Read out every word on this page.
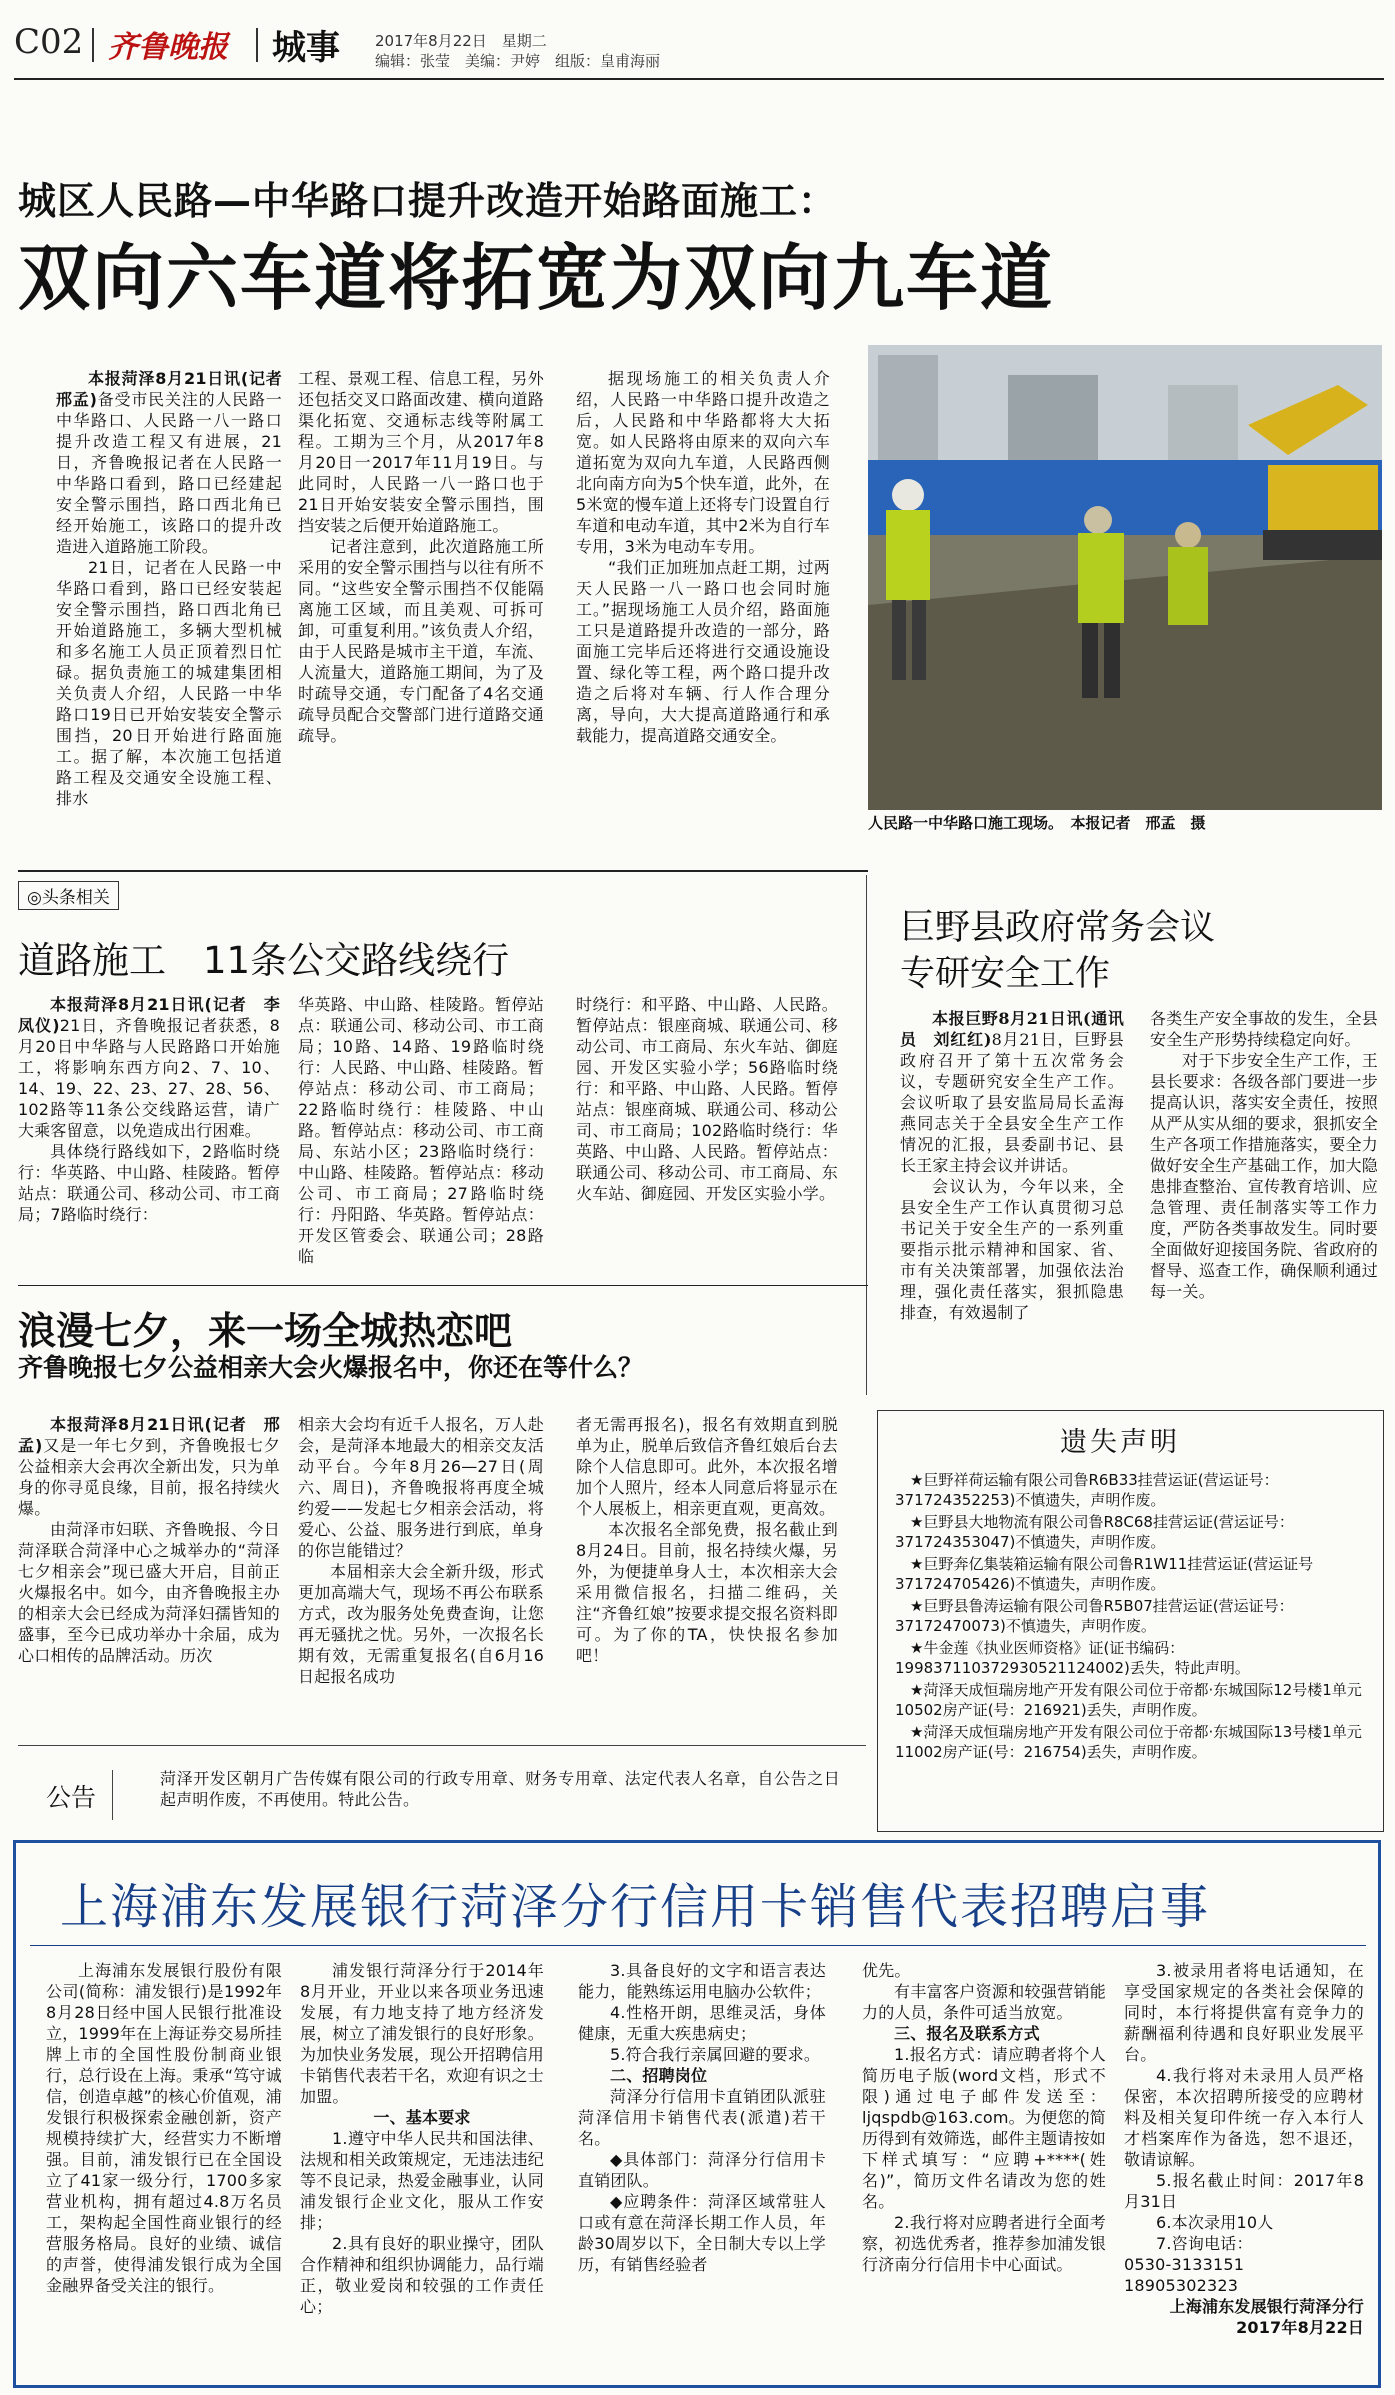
C02 齐鲁晚报 城事 2017年8月22日　星期二
编辑：张莹　美编：尹婷　组版：皇甫海丽
城区人民路—中华路口提升改造开始路面施工：
双向六车道将拓宽为双向九车道

本报菏泽8月21日讯(记者　邢孟)备受市民关注的人民路一中华路口、人民路一八一路口提升改造工程又有进展，21日，齐鲁晚报记者在人民路一中华路口看到，路口已经建起安全警示围挡，路口西北角已经开始施工，该路口的提升改造进入道路施工阶段。

21日，记者在人民路一中华路口看到，路口已经安装起安全警示围挡，路口西北角已开始道路施工，多辆大型机械和多名施工人员正顶着烈日忙碌。据负责施工的城建集团相关负责人介绍，人民路一中华路口19日已开始安装安全警示围挡，20日开始进行路面施工。据了解，本次施工包括道路工程及交通安全设施工程、排水

工程、景观工程、信息工程，另外还包括交叉口路面改建、横向道路渠化拓宽、交通标志线等附属工程。工期为三个月，从2017年8月20日一2017年11月19日。与此同时，人民路一八一路口也于21日开始安装安全警示围挡，围挡安装之后便开始道路施工。

记者注意到，此次道路施工所采用的安全警示围挡与以往有所不同。“这些安全警示围挡不仅能隔离施工区域，而且美观、可拆可卸，可重复利用。”该负责人介绍，由于人民路是城市主干道，车流、人流量大，道路施工期间，为了及时疏导交通，专门配备了4名交通疏导员配合交警部门进行道路交通疏导。

据现场施工的相关负责人介绍，人民路一中华路口提升改造之后，人民路和中华路都将大大拓宽。如人民路将由原来的双向六车道拓宽为双向九车道，人民路西侧北向南方向为5个快车道，此外，在5米宽的慢车道上还将专门设置自行车道和电动车道，其中2米为自行车专用，3米为电动车专用。

“我们正加班加点赶工期，过两天人民路一八一路口也会同时施工。”据现场施工人员介绍，路面施工只是道路提升改造的一部分，路面施工完毕后还将进行交通设施设置、绿化等工程，两个路口提升改造之后将对车辆、行人作合理分离，导向，大大提高道路通行和承载能力，提高道路交通安全。

人民路一中华路口施工现场。　本报记者　邢孟　摄
◎头条相关
道路施工　11条公交路线绕行

本报菏泽8月21日讯(记者　李凤仪)21日，齐鲁晚报记者获悉，8月20日中华路与人民路路口开始施工，将影响东西方向2、7、10、14、19、22、23、27、28、56、102路等11条公交线路运营，请广大乘客留意，以免造成出行困难。

具体绕行路线如下，2路临时绕行：华英路、中山路、桂陵路。暂停站点：联通公司、移动公司、市工商局；7路临时绕行：

华英路、中山路、桂陵路。暂停站点：联通公司、移动公司、市工商局；10路、14路、19路临时绕行：人民路、中山路、桂陵路。暂停站点：移动公司、市工商局；22路临时绕行：桂陵路、中山路。暂停站点：移动公司、市工商局、东站小区；23路临时绕行：中山路、桂陵路。暂停站点：移动公司、市工商局；27路临时绕行：丹阳路、华英路。暂停站点：开发区管委会、联通公司；28路临

时绕行：和平路、中山路、人民路。暂停站点：银座商城、联通公司、移动公司、市工商局、东火车站、御庭园、开发区实验小学；56路临时绕行：和平路、中山路、人民路。暂停站点：银座商城、联通公司、移动公司、市工商局；102路临时绕行：华英路、中山路、人民路。暂停站点：联通公司、移动公司、市工商局、东火车站、御庭园、开发区实验小学。

巨野县政府常务会议
专研安全工作

本报巨野8月21日讯(通讯员　刘红红)8月21日，巨野县政府召开了第十五次常务会议，专题研究安全生产工作。会议听取了县安监局局长孟海燕同志关于全县安全生产工作情况的汇报，县委副书记、县长王家主持会议并讲话。

会议认为，今年以来，全县安全生产工作认真贯彻习总书记关于安全生产的一系列重要指示批示精神和国家、省、市有关决策部署，加强依法治理，强化责任落实，狠抓隐患排查，有效遏制了

各类生产安全事故的发生，全县安全生产形势持续稳定向好。

对于下步安全生产工作，王县长要求：各级各部门要进一步提高认识，落实安全责任，按照从严从实从细的要求，狠抓安全生产各项工作措施落实，要全力做好安全生产基础工作，加大隐患排查整治、宣传教育培训、应急管理、责任制落实等工作力度，严防各类事故发生。同时要全面做好迎接国务院、省政府的督导、巡查工作，确保顺利通过每一关。

浪漫七夕，来一场全城热恋吧
齐鲁晚报七夕公益相亲大会火爆报名中，你还在等什么？

本报菏泽8月21日讯(记者　邢孟)又是一年七夕到，齐鲁晚报七夕公益相亲大会再次全新出发，只为单身的你寻觅良缘，目前，报名持续火爆。

由菏泽市妇联、齐鲁晚报、今日菏泽联合菏泽中心之城举办的“菏泽七夕相亲会”现已盛大开启，目前正火爆报名中。如今，由齐鲁晚报主办的相亲大会已经成为菏泽妇孺皆知的盛事，至今已成功举办十余届，成为心口相传的品牌活动。历次

相亲大会均有近千人报名，万人赴会，是菏泽本地最大的相亲交友活动平台。今年8月26—27日(周六、周日)，齐鲁晚报将再度全城约爱——发起七夕相亲会活动，将爱心、公益、服务进行到底，单身的你岂能错过？

本届相亲大会全新升级，形式更加高端大气，现场不再公布联系方式，改为服务处免费查询，让您再无骚扰之忧。另外，一次报名长期有效，无需重复报名(自6月16日起报名成功

者无需再报名)，报名有效期直到脱单为止，脱单后致信齐鲁红娘后台去除个人信息即可。此外，本次报名增加个人照片，经本人同意后将显示在个人展板上，相亲更直观，更高效。

本次报名全部免费，报名截止到8月24日。目前，报名持续火爆，另外，为便捷单身人士，本次相亲大会采用微信报名，扫描二维码，关注“齐鲁红娘”按要求提交报名资料即可。为了你的TA，快快报名参加吧！

遗失声明
★巨野祥荷运输有限公司鲁R6B33挂营运证(营运证号：371724352253)不慎遗失，声明作废。
★巨野县大地物流有限公司鲁R8C68挂营运证(营运证号：371724353047)不慎遗失，声明作废。
★巨野奔亿集装箱运输有限公司鲁R1W11挂营运证(营运证号371724705426)不慎遗失，声明作废。
★巨野县鲁涛运输有限公司鲁R5B07挂营运证(营运证号：37172470073)不慎遗失，声明作废。
★牛金莲《执业医师资格》证(证书编码：199837110372930521124002)丢失，特此声明。
★菏泽天成恒瑞房地产开发有限公司位于帝都·东城国际12号楼1单元10502房产证(号：216921)丢失，声明作废。
★菏泽天成恒瑞房地产开发有限公司位于帝都·东城国际13号楼1单元11002房产证(号：216754)丢失，声明作废。
公告
菏泽开发区朝月广告传媒有限公司的行政专用章、财务专用章、法定代表人名章，自公告之日起声明作废，不再使用。特此公告。
上海浦东发展银行菏泽分行信用卡销售代表招聘启事

上海浦东发展银行股份有限公司(简称：浦发银行)是1992年8月28日经中国人民银行批准设立，1999年在上海证券交易所挂牌上市的全国性股份制商业银行，总行设在上海。秉承“笃守诚信，创造卓越”的核心价值观，浦发银行积极探索金融创新，资产规模持续扩大，经营实力不断增强。目前，浦发银行已在全国设立了41家一级分行，1700多家营业机构，拥有超过4.8万名员工，架构起全国性商业银行的经营服务格局。良好的业绩、诚信的声誉，使得浦发银行成为全国金融界备受关注的银行。

浦发银行菏泽分行于2014年8月开业，开业以来各项业务迅速发展，有力地支持了地方经济发展，树立了浦发银行的良好形象。为加快业务发展，现公开招聘信用卡销售代表若干名，欢迎有识之士加盟。

一、基本要求

1.遵守中华人民共和国法律、法规和相关政策规定，无违法违纪等不良记录，热爱金融事业，认同浦发银行企业文化，服从工作安排；

2.具有良好的职业操守，团队合作精神和组织协调能力，品行端正，敬业爱岗和较强的工作责任心；

3.具备良好的文字和语言表达能力，能熟练运用电脑办公软件；

4.性格开朗，思维灵活，身体健康，无重大疾患病史；

5.符合我行亲属回避的要求。

二、招聘岗位

菏泽分行信用卡直销团队派驻菏泽信用卡销售代表(派遣)若干名。

◆具体部门：菏泽分行信用卡直销团队。

◆应聘条件：菏泽区域常驻人口或有意在菏泽长期工作人员，年龄30周岁以下，全日制大专以上学历，有销售经验者

优先。

有丰富客户资源和较强营销能力的人员，条件可适当放宽。

三、报名及联系方式

1.报名方式：请应聘者将个人简历电子版(word文档，形式不限)通过电子邮件发送至：ljqspdb@163.com。为便您的简历得到有效筛选，邮件主题请按如下样式填写：“应聘+****(姓名)”，简历文件名请改为您的姓名。

2.我行将对应聘者进行全面考察，初选优秀者，推荐参加浦发银行济南分行信用卡中心面试。

3.被录用者将电话通知，在享受国家规定的各类社会保障的同时，本行将提供富有竞争力的薪酬福利待遇和良好职业发展平台。

4.我行将对未录用人员严格保密，本次招聘所接受的应聘材料及相关复印件统一存入本行人才档案库作为备选，恕不退还，敬请谅解。

5.报名截止时间：2017年8月31日

6.本次录用10人

7.咨询电话：

0530-3133151　18905302323

上海浦东发展银行菏泽分行

2017年8月22日
